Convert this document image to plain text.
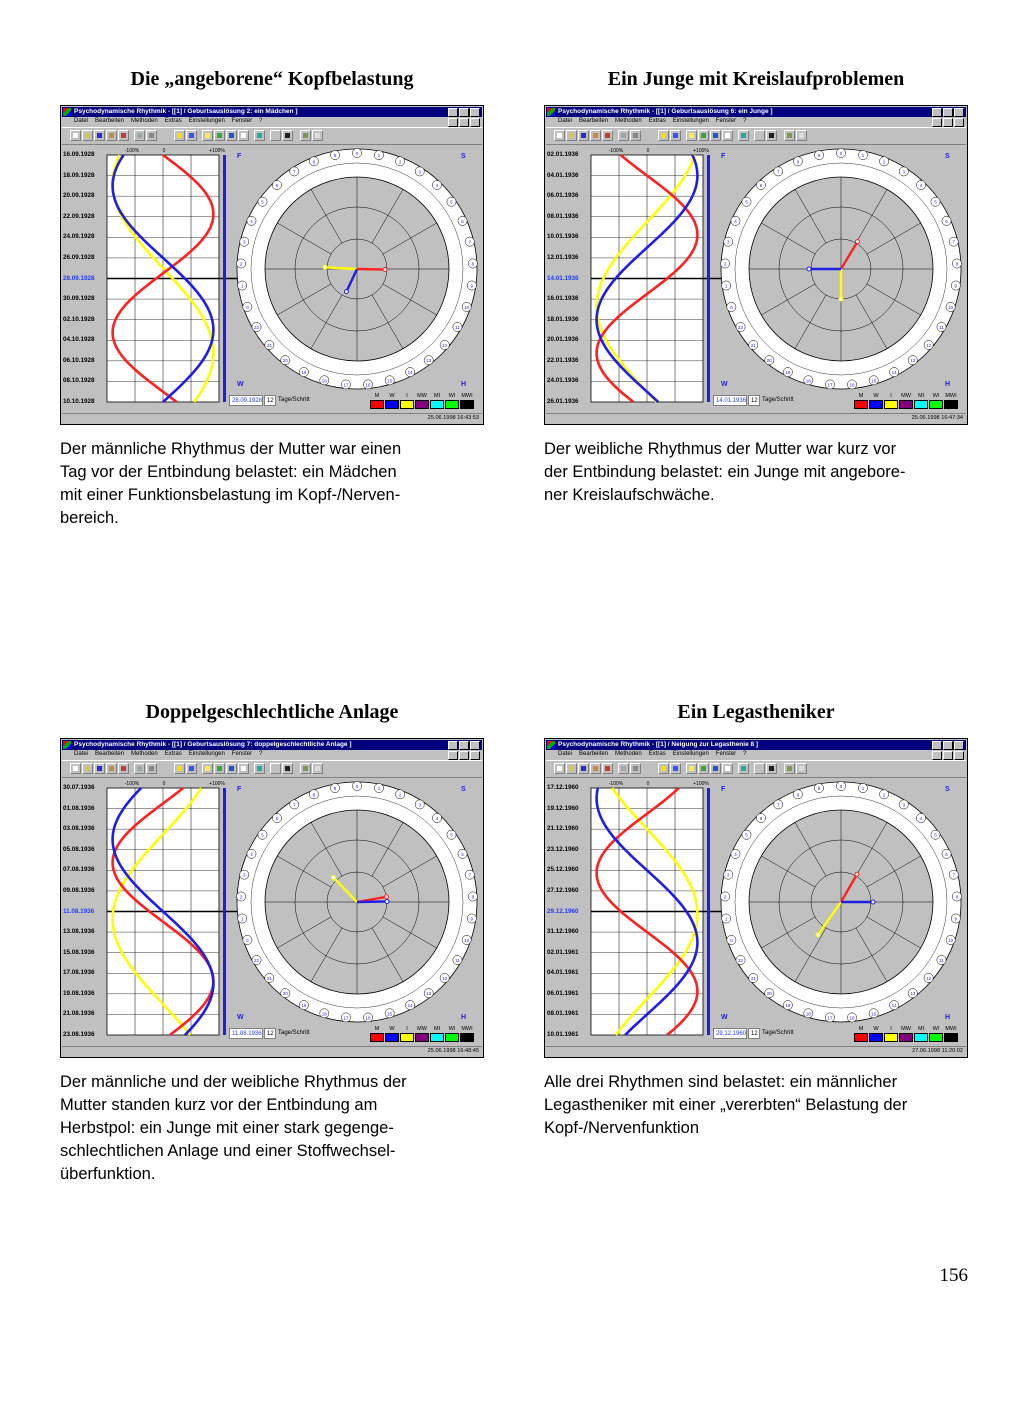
Die „angeborene“ Kopfbelastung
Psychodynamische Rhythmik - [[1] / Geburtsauslösung 2: ein Mädchen ]
Datei Bearbeiten Methoden Extras Einstellungen Fenster ?
-100%	0	+100%	0	1
2
3
4
5
6
7
8
9
10
11
12
13
14
15
16
17
18
19
20
21
22
0
1
2
3
4
5
6
7
8
9
F	S
W	H
16.09.1928
18.09.1928
20.09.1928
22.09.1928
24.09.1928
26.09.1928
28.09.1928
30.09.1928
02.10.1928
04.10.1928
06.10.1928
08.10.1928
10.10.1928	28.09.1928 12 Tage/Schritt
M	W	I	MW	MI	WI	MWI
25.06.1998 16:43:53
Der männliche Rhythmus der Mutter war einen
Tag vor der Entbindung belastet: ein Mädchen
mit einer Funktionsbelastung im Kopf-/Nerven-
bereich.
Ein Junge mit Kreislaufproblemen
Psychodynamische Rhythmik - [[1] / Geburtsauslösung 6: ein Junge ]
Datei Bearbeiten Methoden Extras Einstellungen Fenster ?
-100%	0	+100%	0	1
2
3
4
5
6
7
8
9
10
11
12
13
14
15
16
17
18
19
20
21
22
0
1
2
3
4
5
6
7
8
9
F	S
W	H
02.01.1936
04.01.1936
06.01.1936
08.01.1936
10.01.1936
12.01.1936
14.01.1936
16.01.1936
18.01.1936
20.01.1936
22.01.1936
24.01.1936
26.01.1936	14.01.1936 12 Tage/Schritt
M	W	I	MW	MI	WI	MWI
25.06.1998 16:47:34
Der weibliche Rhythmus der Mutter war kurz vor
der Entbindung belastet: ein Junge mit angebore-
ner Kreislaufschwäche.
Doppelgeschlechtliche Anlage
Psychodynamische Rhythmik - [[1] / Geburtsauslösung 7: doppelgeschlechtliche Anlage ]
Datei Bearbeiten Methoden Extras Einstellungen Fenster ?
-100%	0	+100%	0	1
2
3
4
5
6
7
8
9
10
11
12
13
14
15
16
17
18
19
20
21
22
0
1
2
3
4
5
6
7
8
9
F	S
W	H
30.07.1936
01.08.1936
03.08.1936
05.08.1936
07.08.1936
09.08.1936
11.08.1936
13.08.1936
15.08.1936
17.08.1936
19.08.1936
21.08.1936
23.08.1936	11.08.1936 12 Tage/Schritt
M	W	I	MW	MI	WI	MWI
25.06.1998 16:48:45
Der männliche und der weibliche Rhythmus der
Mutter standen kurz vor der Entbindung am
Herbstpol: ein Junge mit einer stark gegenge-
schlechtlichen Anlage und einer Stoffwechsel-
überfunktion.
Ein Legastheniker
Psychodynamische Rhythmik - [[1] / Neigung zur Legasthenie 8 ]
Datei Bearbeiten Methoden Extras Einstellungen Fenster ?
-100%	0	+100%	0	1
2
3
4
5
6
7
8
9
10
11
12
13
14
15
16
17
18
19
20
21
22
0
1
2
3
4
5
6
7
8
9
F	S
W	H
17.12.1960
19.12.1960
21.12.1960
23.12.1960
25.12.1960
27.12.1960
29.12.1960
31.12.1960
02.01.1961
04.01.1961
06.01.1961
08.01.1961
10.01.1961	29.12.1960 12 Tage/Schritt
M	W	I	MW	MI	WI	MWI
27.06.1998 11:20:02
Alle drei Rhythmen sind belastet: ein männlicher
Legastheniker mit einer „vererbten“ Belastung der
Kopf-/Nervenfunktion
156
